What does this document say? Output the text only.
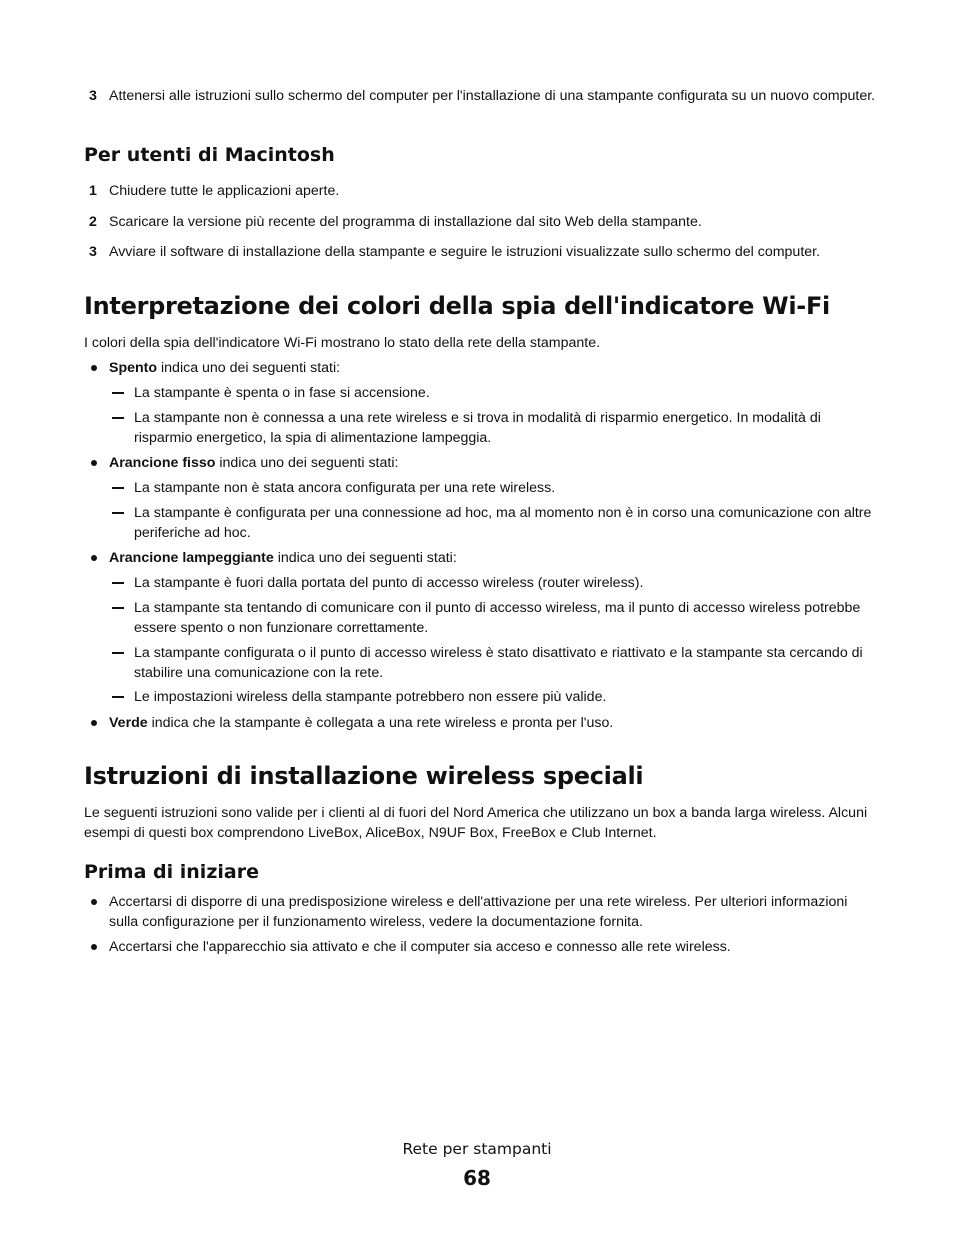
3 Attenersi alle istruzioni sullo schermo del computer per l'installazione di una stampante configurata su un nuovo computer.
Per utenti di Macintosh
1 Chiudere tutte le applicazioni aperte.
2 Scaricare la versione più recente del programma di installazione dal sito Web della stampante.
3 Avviare il software di installazione della stampante e seguire le istruzioni visualizzate sullo schermo del computer.
Interpretazione dei colori della spia dell'indicatore Wi-Fi
I colori della spia dell'indicatore Wi-Fi mostrano lo stato della rete della stampante.
Spento indica uno dei seguenti stati:
La stampante è spenta o in fase si accensione.
La stampante non è connessa a una rete wireless e si trova in modalità di risparmio energetico. In modalità di risparmio energetico, la spia di alimentazione lampeggia.
Arancione fisso indica uno dei seguenti stati:
La stampante non è stata ancora configurata per una rete wireless.
La stampante è configurata per una connessione ad hoc, ma al momento non è in corso una comunicazione con altre periferiche ad hoc.
Arancione lampeggiante indica uno dei seguenti stati:
La stampante è fuori dalla portata del punto di accesso wireless (router wireless).
La stampante sta tentando di comunicare con il punto di accesso wireless, ma il punto di accesso wireless potrebbe essere spento o non funzionare correttamente.
La stampante configurata o il punto di accesso wireless è stato disattivato e riattivato e la stampante sta cercando di stabilire una comunicazione con la rete.
Le impostazioni wireless della stampante potrebbero non essere più valide.
Verde indica che la stampante è collegata a una rete wireless e pronta per l'uso.
Istruzioni di installazione wireless speciali
Le seguenti istruzioni sono valide per i clienti al di fuori del Nord America che utilizzano un box a banda larga wireless. Alcuni esempi di questi box comprendono LiveBox, AliceBox, N9UF Box, FreeBox e Club Internet.
Prima di iniziare
Accertarsi di disporre di una predisposizione wireless e dell'attivazione per una rete wireless. Per ulteriori informazioni sulla configurazione per il funzionamento wireless, vedere la documentazione fornita.
Accertarsi che l'apparecchio sia attivato e che il computer sia acceso e connesso alle rete wireless.
Rete per stampanti
68
